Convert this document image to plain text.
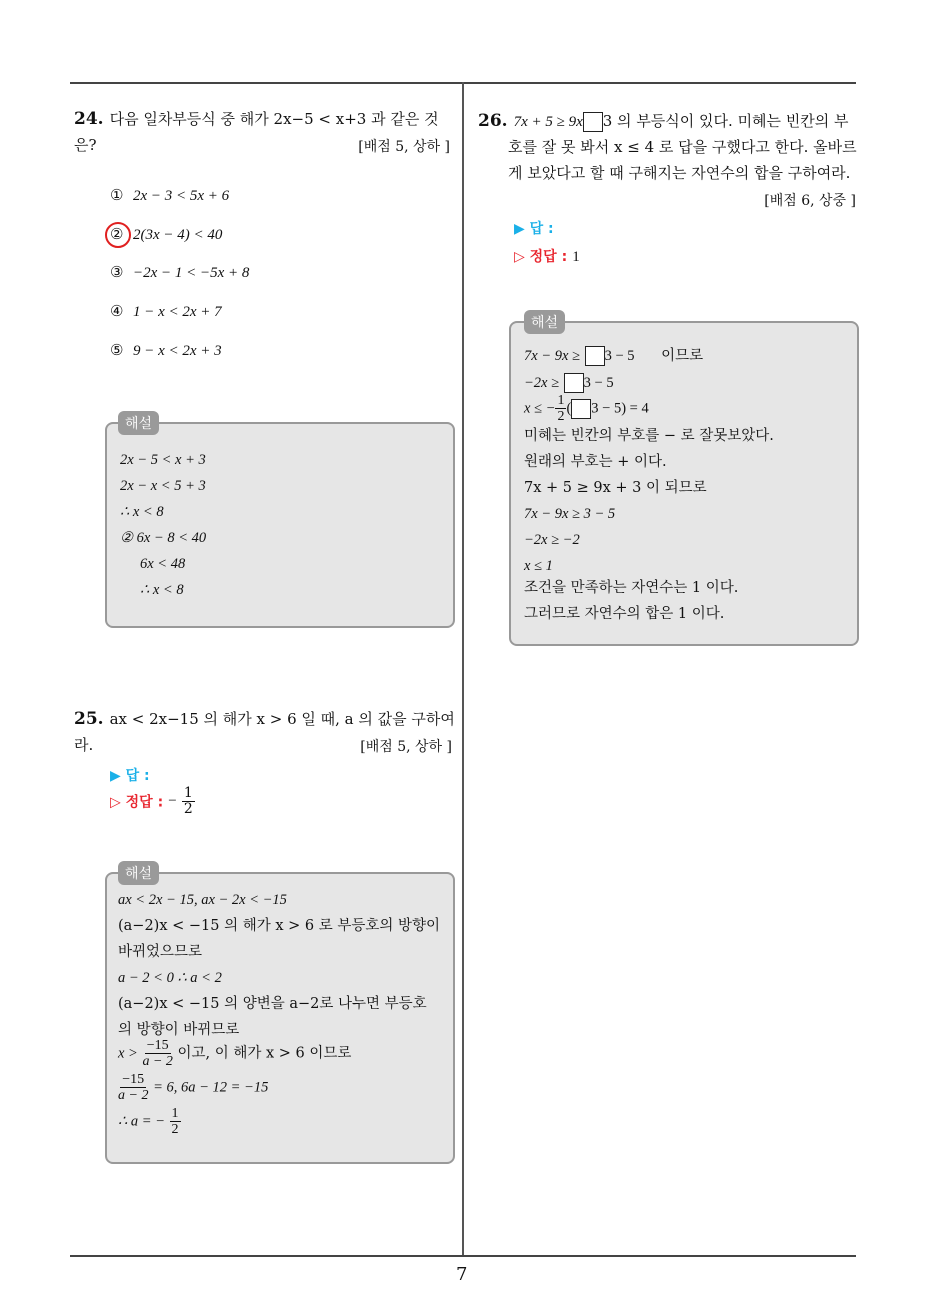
7
24. 다음 일차부등식 중 해가 2x−5 < x+3 과 같은 것은?	[배점 5, 상하 ]
① 2x − 3 < 5x + 6
② 2(3x − 4) < 40
③ −2x − 1 < −5x + 8
④ 1 − x < 2x + 7
⑤ 9 − x < 2x + 3
해설
2x − 5 < x + 3
2x − x < 5 + 3
∴ x < 8
② 6x − 8 < 40
6x < 48
∴ x < 8
25. ax < 2x−15 의 해가 x > 6 일 때, a 의 값을 구하여라.	[배점 5, 상하 ]
▶ 답 :
▷ 정답 : − $\frac{1}{2}$
해설
ax < 2x − 15, ax − 2x < −15
(a−2)x < −15 의 해가 x > 6 로 부등호의 방향이
바뀌었으므로
a − 2 < 0 ∴ a < 2
(a−2)x < −15 의 양변을 a−2로 나누면 부등호
의 방향이 바뀌므로
$x > \frac{-15}{a - 2}$ 이고, 이 해가 x > 6 이므로
$\frac{-15}{a - 2} = 6$, 6a − 12 = −15
∴ a = − $\frac{1}{2}$
26. 7x + 5 ≥ 9x 3 의 부등식이 있다. 미혜는 빈칸의 부
호를 잘 못 봐서 x ≤ 4 로 답을 구했다고 한다. 올바르
게 보았다고 할 때 구해지는 자연수의 합을 구하여라.
[배점 6, 상중 ]
▶ 답 :
▷ 정답 : 1
해설
7x − 9x ≥ 3 − 5 이므로
−2x ≥ 3 − 5
x ≤ − $\frac{1}{2}$ ( 3 − 5) = 4
미혜는 빈칸의 부호를 − 로 잘못보았다.
원래의 부호는 + 이다.
7x + 5 ≥ 9x + 3 이 되므로
7x − 9x ≥ 3 − 5
−2x ≥ −2
x ≤ 1
조건을 만족하는 자연수는 1 이다.
그러므로 자연수의 합은 1 이다.
